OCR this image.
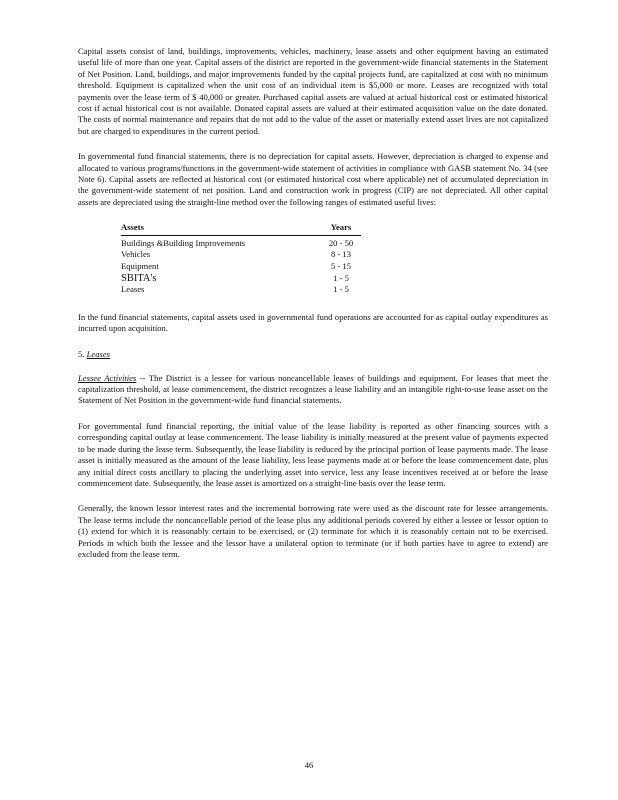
Capital assets consist of land, buildings, improvements, vehicles, machinery, lease assets and other equipment having an estimated useful life of more than one year. Capital assets of the district are reported in the government-wide financial statements in the Statement of Net Position. Land, buildings, and major improvements funded by the capital projects fund, are capitalized at cost with no minimum threshold. Equipment is capitalized when the unit cost of an individual item is $5,000 or more. Leases are recognized with total payments over the lease term of $ 40,000 or greater. Purchased capital assets are valued at actual historical cost or estimated historical cost if actual historical cost is not available. Donated capital assets are valued at their estimated acquisition value on the date donated. The costs of normal maintenance and repairs that do not add to the value of the asset or materially extend asset lives are not capitalized but are charged to expenditures in the current period.

In governmental fund financial statements, there is no depreciation for capital assets. However, depreciation is charged to expense and allocated to various programs/functions in the government-wide statement of activities in compliance with GASB statement No. 34 (see Note 6). Capital assets are reflected at historical cost (or estimated historical cost where applicable) net of accumulated depreciation in the government-wide statement of net position. Land and construction work in progress (CIP) are not depreciated. All other capital assets are depreciated using the straight-line method over the following ranges of estimated useful lives:

Assets	Years
Buildings &Building Improvements	20 - 50
Vehicles	8 - 13
Equipment	5 - 15
SBITA's	1 - 5
Leases	1 - 5

In the fund financial statements, capital assets used in governmental fund operations are accounted for as capital outlay expenditures as incurred upon acquisition.

5. Leases

Lessee Activities -- The District is a lessee for various noncancellable leases of buildings and equipment. For leases that meet the capitalization threshold, at lease commencement, the district recognizes a lease liability and an intangible right-to-use lease asset on the Statement of Net Position in the government-wide fund financial statements.

For governmental fund financial reporting, the initial value of the lease liability is reported as other financing sources with a corresponding capital outlay at lease commencement. The lease liability is initially measured at the present value of payments expected to be made during the lease term. Subsequently, the lease liability is reduced by the principal portion of lease payments made. The lease asset is initially measured as the amount of the lease liability, less lease payments made at or before the lease commencement date, plus any initial direct costs ancillary to placing the underlying asset into service, less any lease incentives received at or before the lease commencement date. Subsequently, the lease asset is amortized on a straight-line basis over the lease term.

Generally, the known lessor interest rates and the incremental borrowing rate were used as the discount rate for lessee arrangements. The lease terms include the noncancellable period of the lease plus any additional periods covered by either a lessee or lessor option to (1) extend for which it is reasonably certain to be exercised, or (2) terminate for which it is reasonably certain not to be exercised. Periods in which both the lessee and the lessor have a unilateral option to terminate (or if both parties have to agree to extend) are excluded from the lease term.

46
